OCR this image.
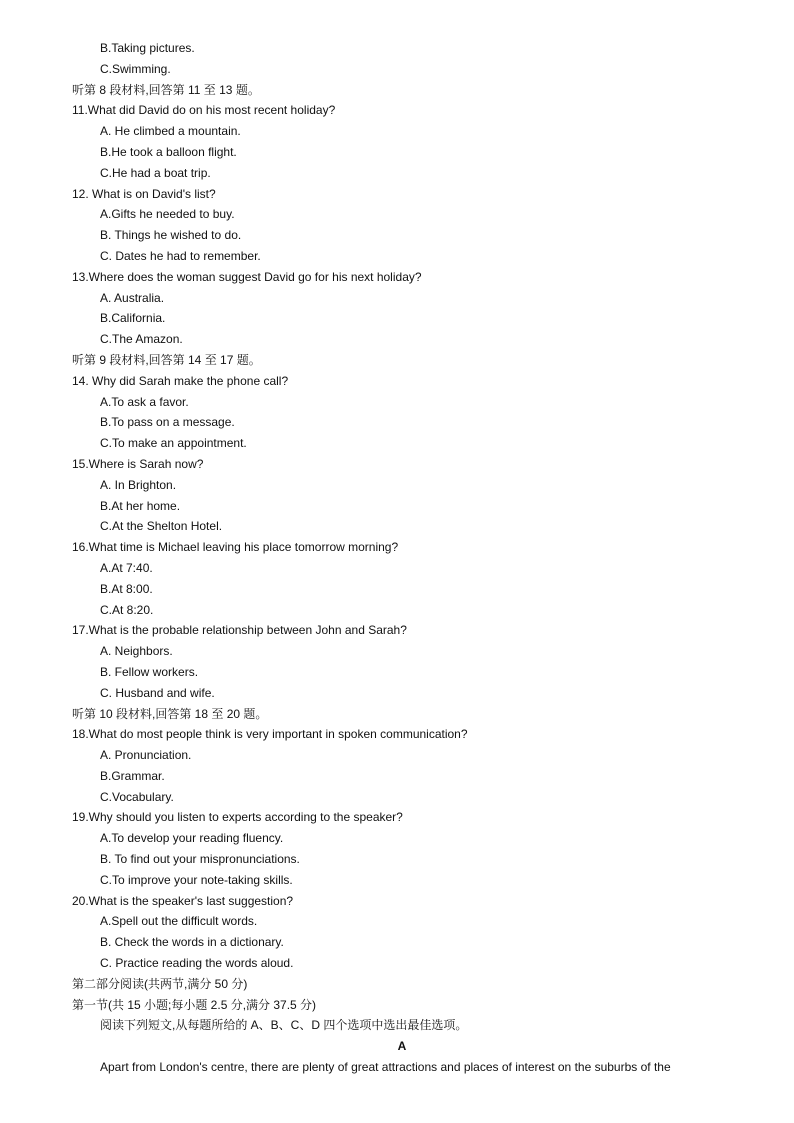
B.Taking pictures.
C.Swimming.
听第 8 段材料,回答第 11 至 13 题。
11.What did David do on his most recent holiday?
A. He climbed a mountain.
B.He took a balloon flight.
C.He had a boat trip.
12. What is on David's list?
A.Gifts he needed to buy.
B. Things he wished to do.
C. Dates he had to remember.
13.Where does the woman suggest David go for his next holiday?
A. Australia.
B.California.
C.The Amazon.
听第 9 段材料,回答第 14 至 17 题。
14. Why did Sarah make the phone call?
A.To ask a favor.
B.To pass on a message.
C.To make an appointment.
15.Where is Sarah now?
A. In Brighton.
B.At her home.
C.At the Shelton Hotel.
16.What time is Michael leaving his place tomorrow morning?
A.At 7:40.
B.At 8:00.
C.At 8:20.
17.What is the probable relationship between John and Sarah?
A. Neighbors.
B. Fellow workers.
C. Husband and wife.
听第 10 段材料,回答第 18 至 20 题。
18.What do most people think is very important in spoken communication?
A. Pronunciation.
B.Grammar.
C.Vocabulary.
19.Why should you listen to experts according to the speaker?
A.To develop your reading fluency.
B. To find out your mispronunciations.
C.To improve your note-taking skills.
20.What is the speaker's last suggestion?
A.Spell out the difficult words.
B. Check the words in a dictionary.
C. Practice reading the words aloud.
第二部分阅读(共两节,满分 50 分)
第一节(共 15 小题;每小题 2.5 分,满分 37.5 分)
阅读下列短文,从每题所给的 A、B、C、D 四个选项中选出最佳选项。
A
Apart from London's centre, there are plenty of great attractions and places of interest on the suburbs of the
